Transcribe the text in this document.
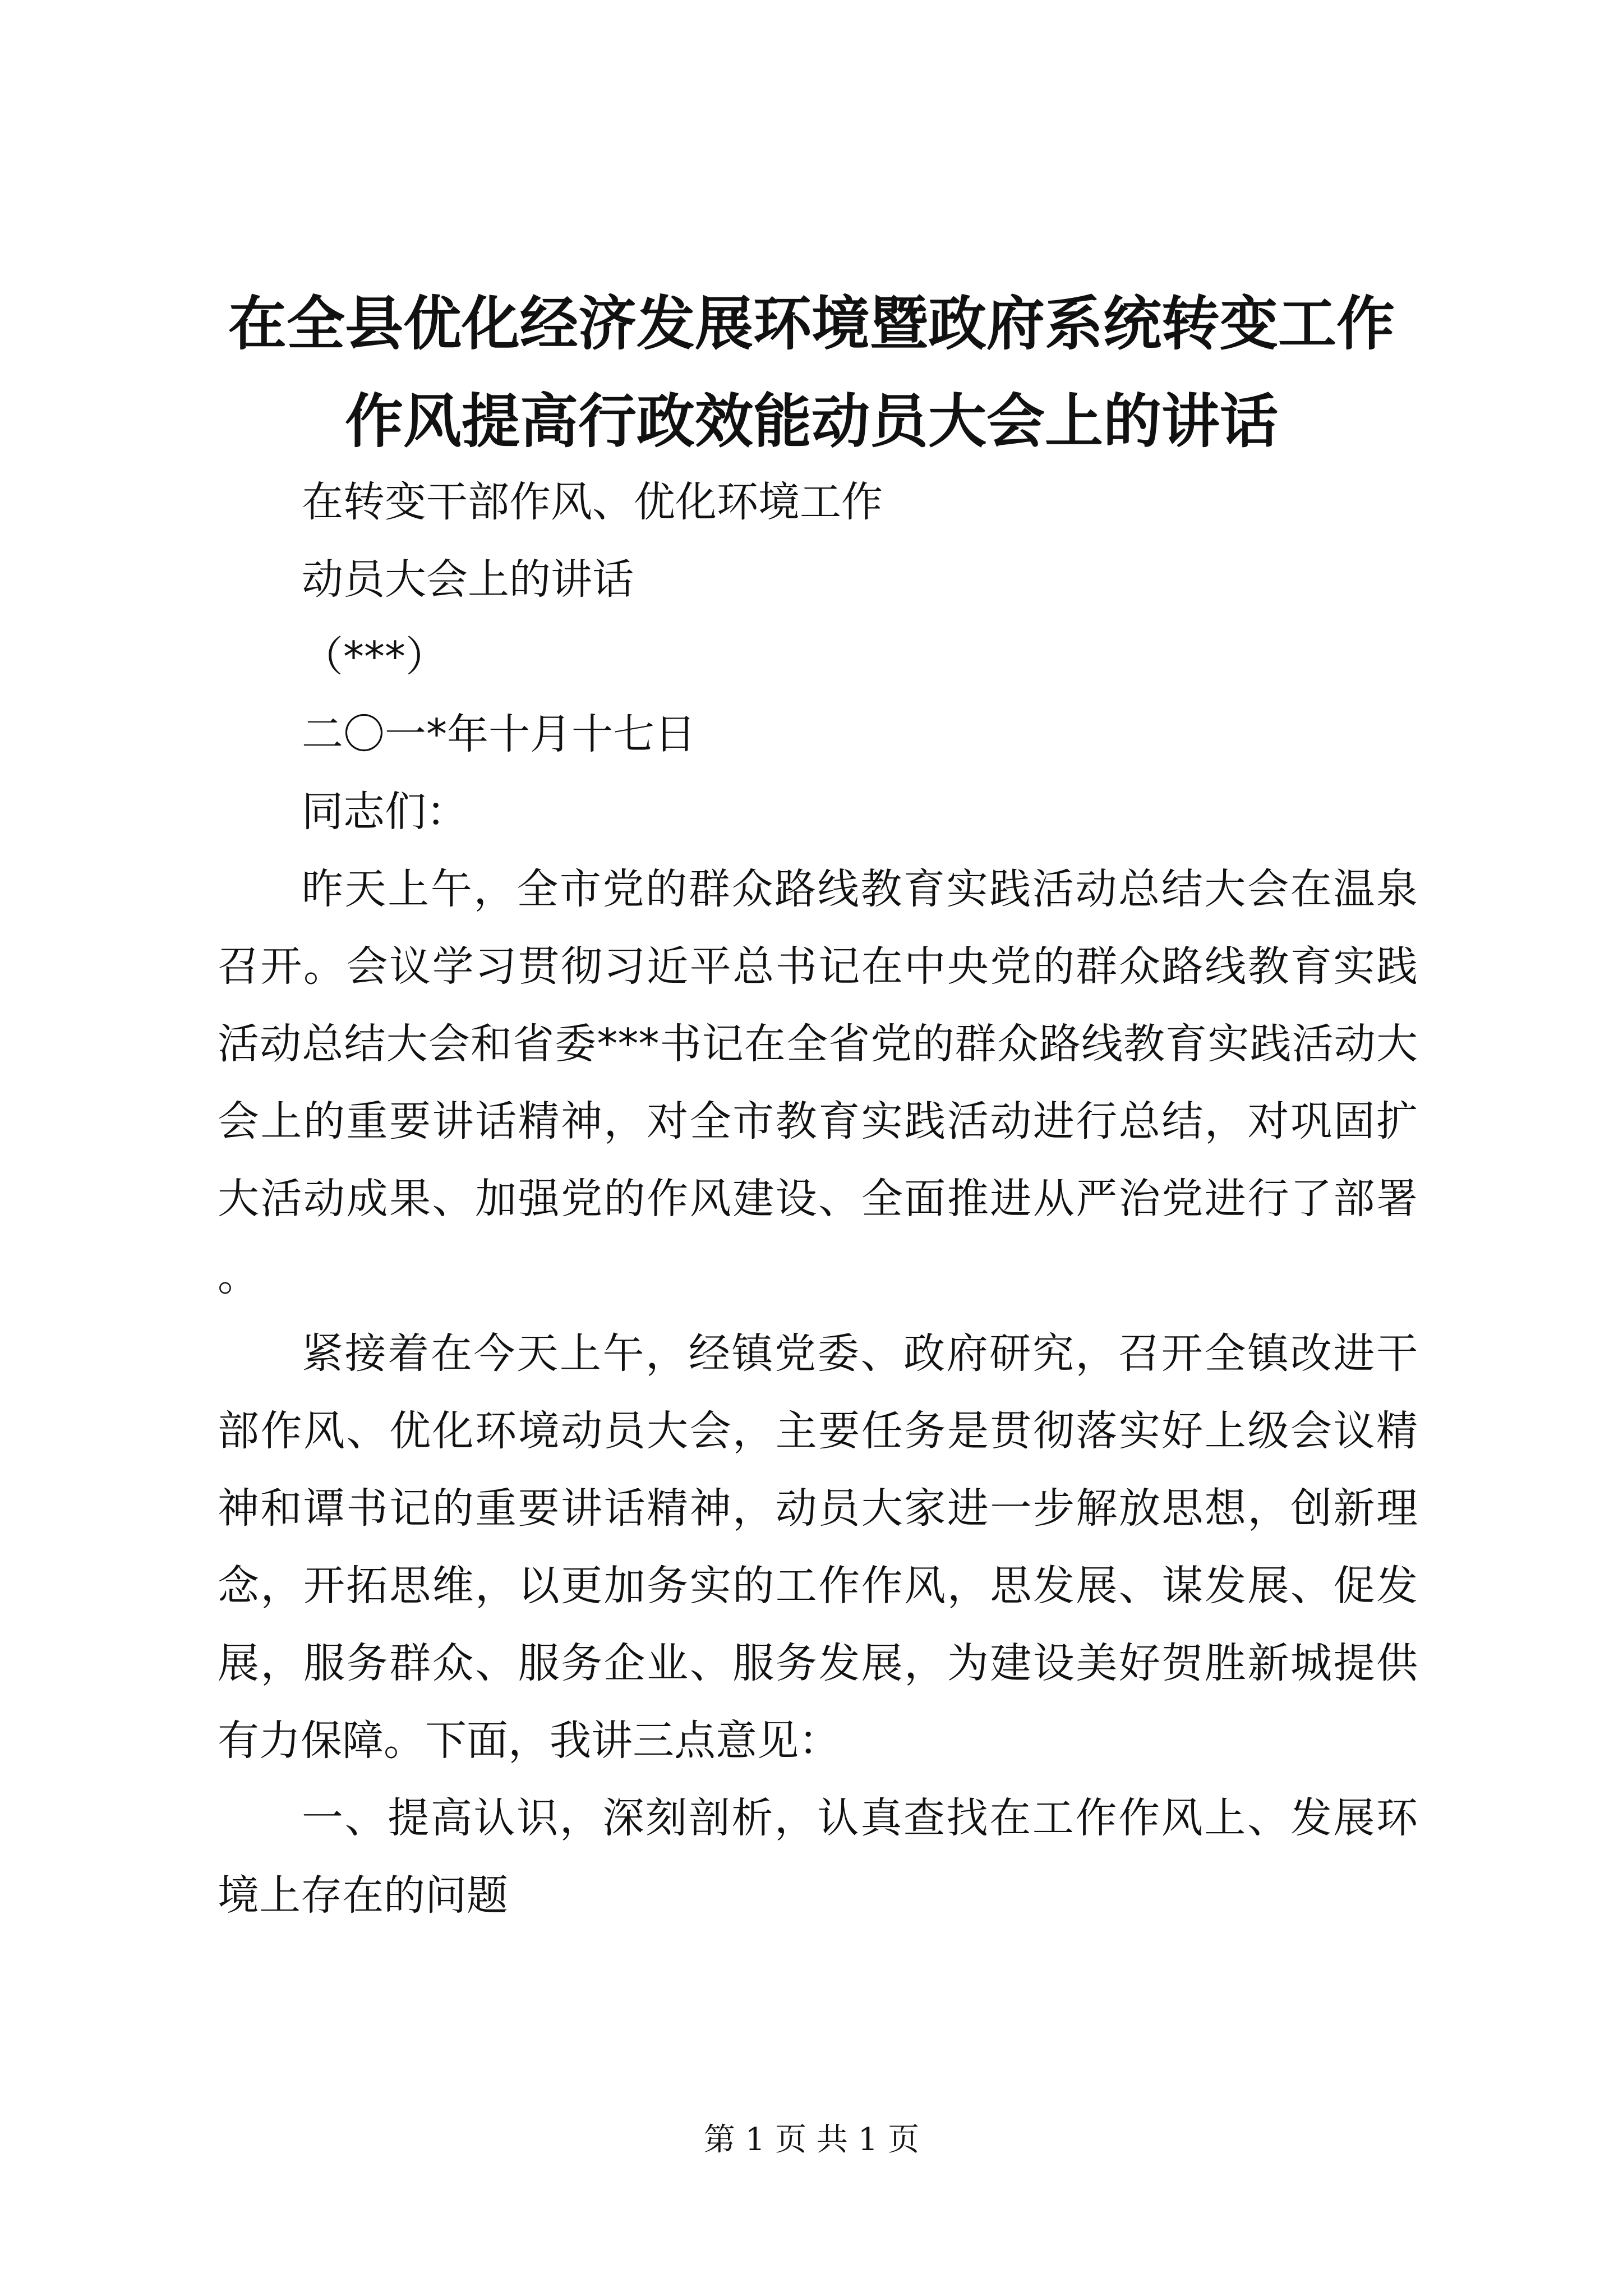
在全县优化经济发展环境暨政府系统转变工作
作风提高行政效能动员大会上的讲话

在转变干部作风、优化环境工作

动员大会上的讲话

（***）

二〇一*年十月十七日

同志们：

昨天上午，全市党的群众路线教育实践活动总结大会在温泉召开。会议学习贯彻习近平总书记在中央党的群众路线教育实践活动总结大会和省委***书记在全省党的群众路线教育实践活动大会上的重要讲话精神，对全市教育实践活动进行总结，对巩固扩大活动成果、加强党的作风建设、全面推进从严治党进行了部署。

紧接着在今天上午，经镇党委、政府研究，召开全镇改进干部作风、优化环境动员大会，主要任务是贯彻落实好上级会议精神和谭书记的重要讲话精神，动员大家进一步解放思想，创新理念，开拓思维，以更加务实的工作作风，思发展、谋发展、促发展，服务群众、服务企业、服务发展，为建设美好贺胜新城提供有力保障。下面，我讲三点意见：

一、提高认识，深刻剖析，认真查找在工作作风上、发展环境上存在的问题

第 1 页 共 1 页
